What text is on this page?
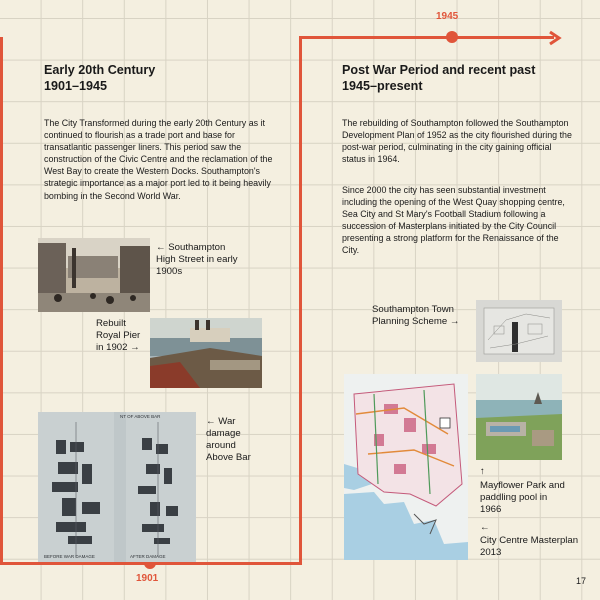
1945
1901
Early 20th Century
1901–1945

The City Transformed during the early 20th Century as it continued to flourish as a trade port and base for transatlantic passenger liners. This period saw the construction of the Civic Centre and the reclamation of the West Bay to create the Western Docks. Southampton's strategic importance as a major port led to it being heavily bombing in the Second World War.

← Southampton High Street in early 1900s
Rebuilt Royal Pier in 1902 →
NT OF ABOVE BAR
BEFORE WAR DAMAGE	AFTER DAMAGE
← War damage around Above Bar
Post War Period and recent past
1945–present

The rebuilding of Southampton followed the Southampton Development Plan of 1952 as the city flourished during the post-war period, culminating in the city gaining official status in 1964.

Since 2000 the city has seen substantial investment including the opening of the West Quay shopping centre, Sea City and St Mary's Football Stadium following a succession of Masterplans initiated by the City Council presenting a strong platform for the Renaissance of the City.

Southampton Town Planning Scheme →
↑
Mayflower Park and paddling pool in 1966
←
City Centre Masterplan 2013
17
